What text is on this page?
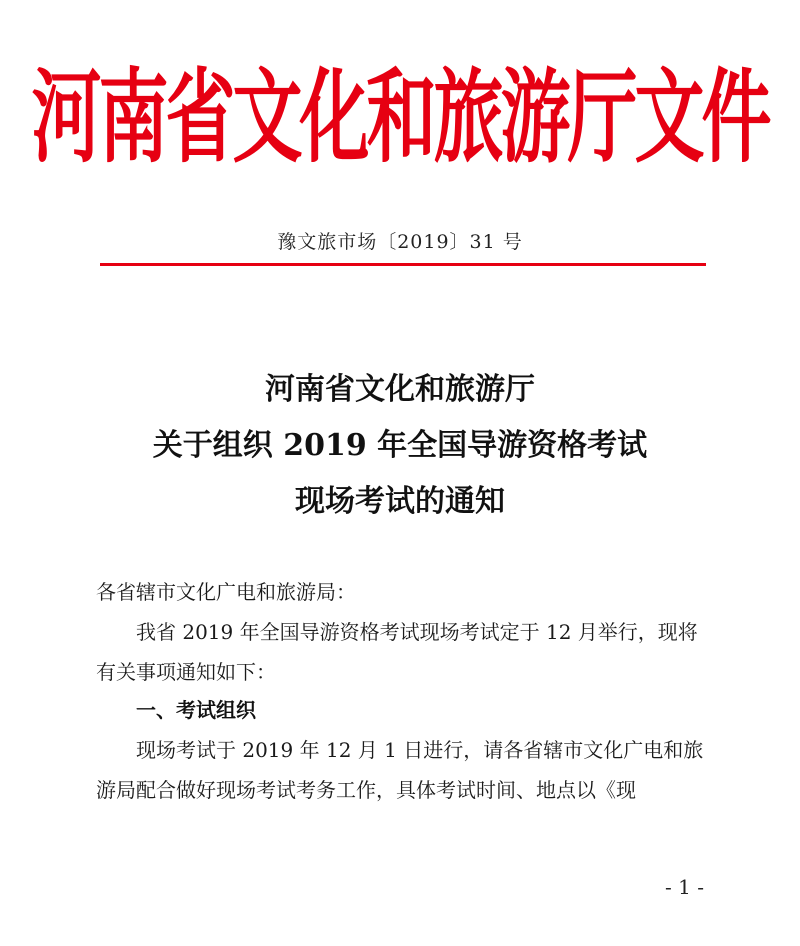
河南省文化和旅游厅文件
豫文旅市场〔2019〕31 号
河南省文化和旅游厅
关于组织 2019 年全国导游资格考试
现场考试的通知
各省辖市文化广电和旅游局：
我省 2019 年全国导游资格考试现场考试定于 12 月举行，现将有关事项通知如下：
一、考试组织
现场考试于 2019 年 12 月 1 日进行，请各省辖市文化广电和旅游局配合做好现场考试考务工作，具体考试时间、地点以《现
- 1 -
